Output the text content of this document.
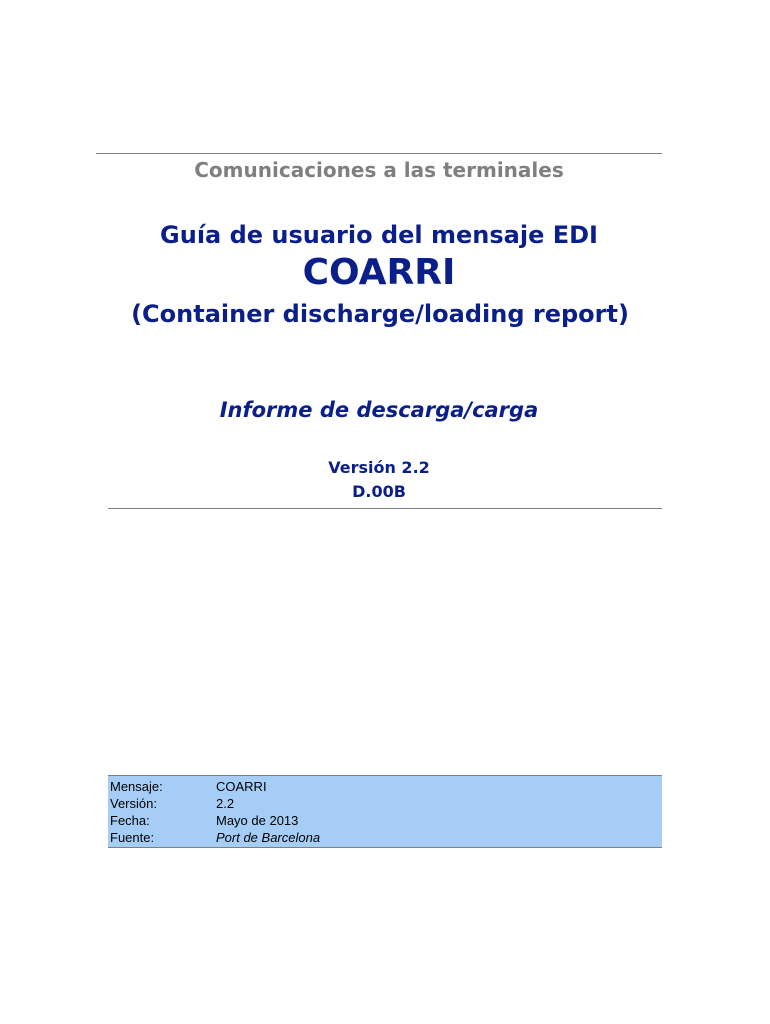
Comunicaciones a las terminales
Guía de usuario del mensaje EDI
COARRI
(Container discharge/loading report)
Informe de descarga/carga
Versión 2.2
D.00B
Mensaje:	COARRI
Versión:	2.2
Fecha:	Mayo de 2013
Fuente:	Port de Barcelona
